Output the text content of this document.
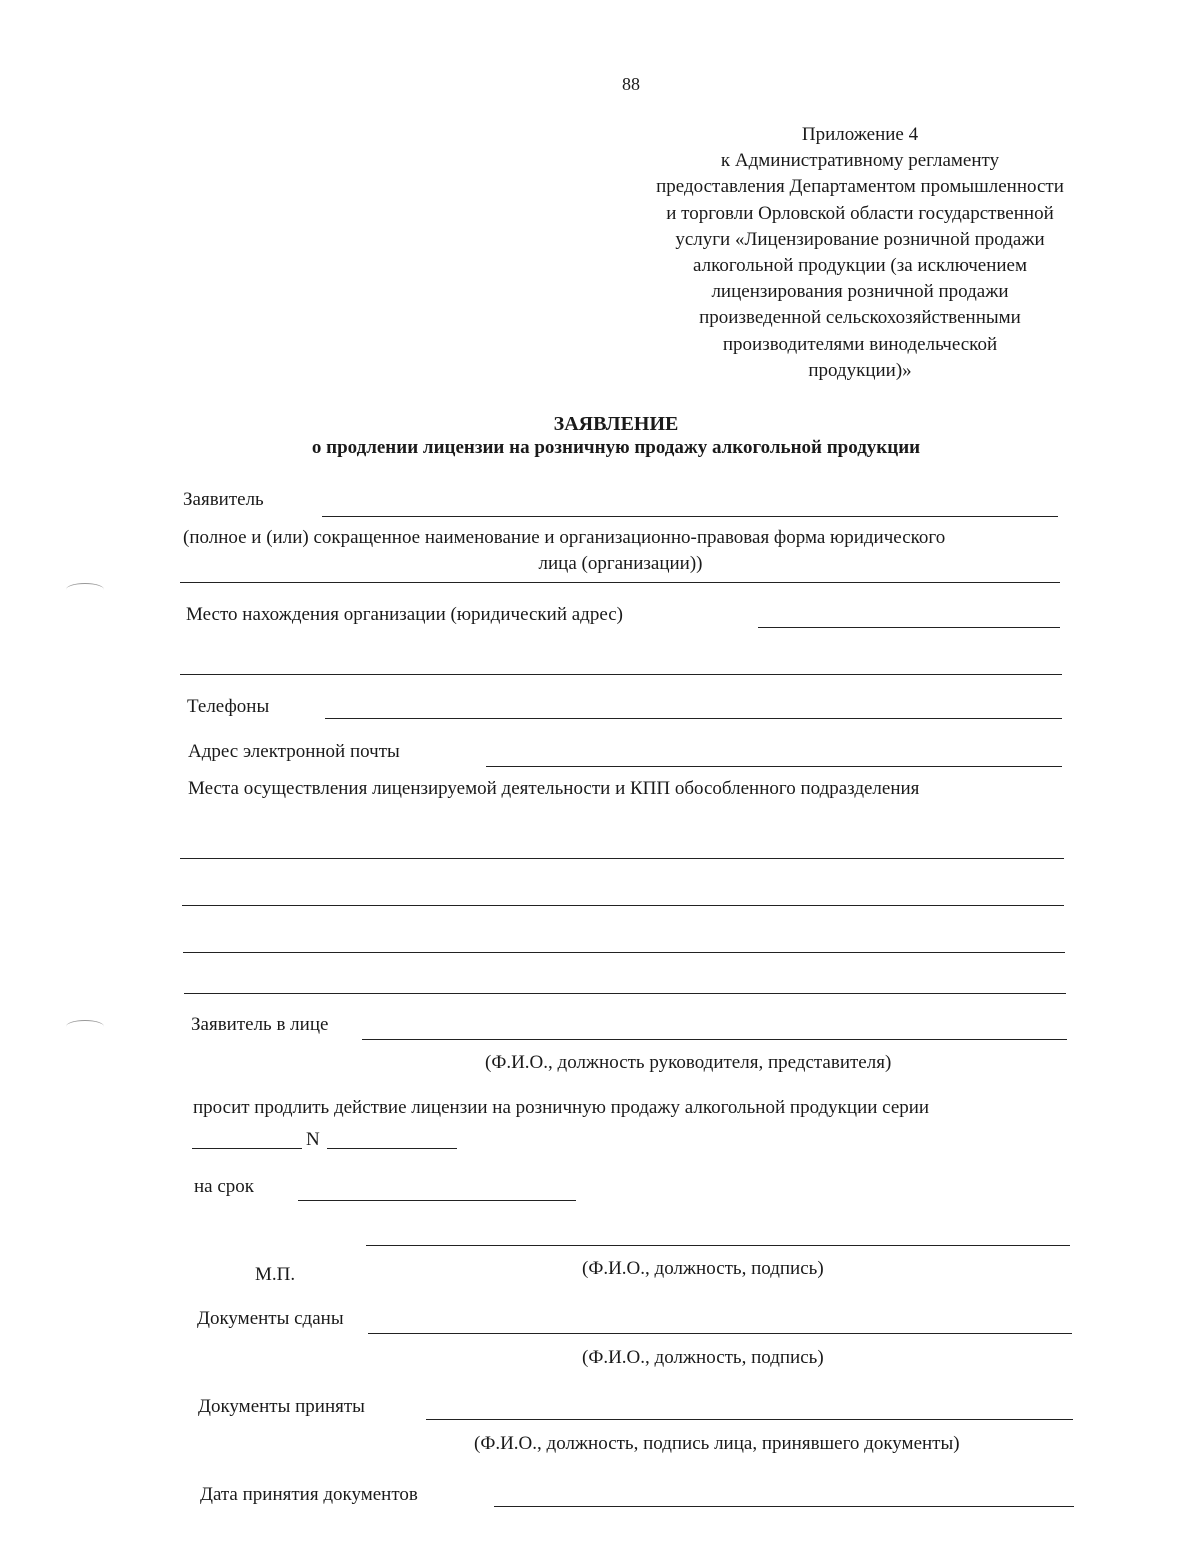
88
Приложение 4
к Административному регламенту
предоставления Департаментом промышленности
и торговли Орловской области государственной
услуги «Лицензирование розничной продажи
алкогольной продукции (за исключением
лицензирования розничной продажи
произведенной сельскохозяйственными
производителями винодельческой
продукции)»
ЗАЯВЛЕНИЕ
о продлении лицензии на розничную продажу алкогольной продукции
Заявитель
(полное и (или) сокращенное наименование и организационно-правовая форма юридического
лица (организации))
Место нахождения организации (юридический адрес)
Телефоны
Адрес электронной почты
Места осуществления лицензируемой деятельности и КПП обособленного подразделения
Заявитель в лице
(Ф.И.О., должность руководителя, представителя)
просит продлить действие лицензии на розничную продажу алкогольной продукции серии
N
на срок
М.П.	(Ф.И.О., должность, подпись)
Документы сданы
(Ф.И.О., должность, подпись)
Документы приняты
(Ф.И.О., должность, подпись лица, принявшего документы)
Дата принятия документов
